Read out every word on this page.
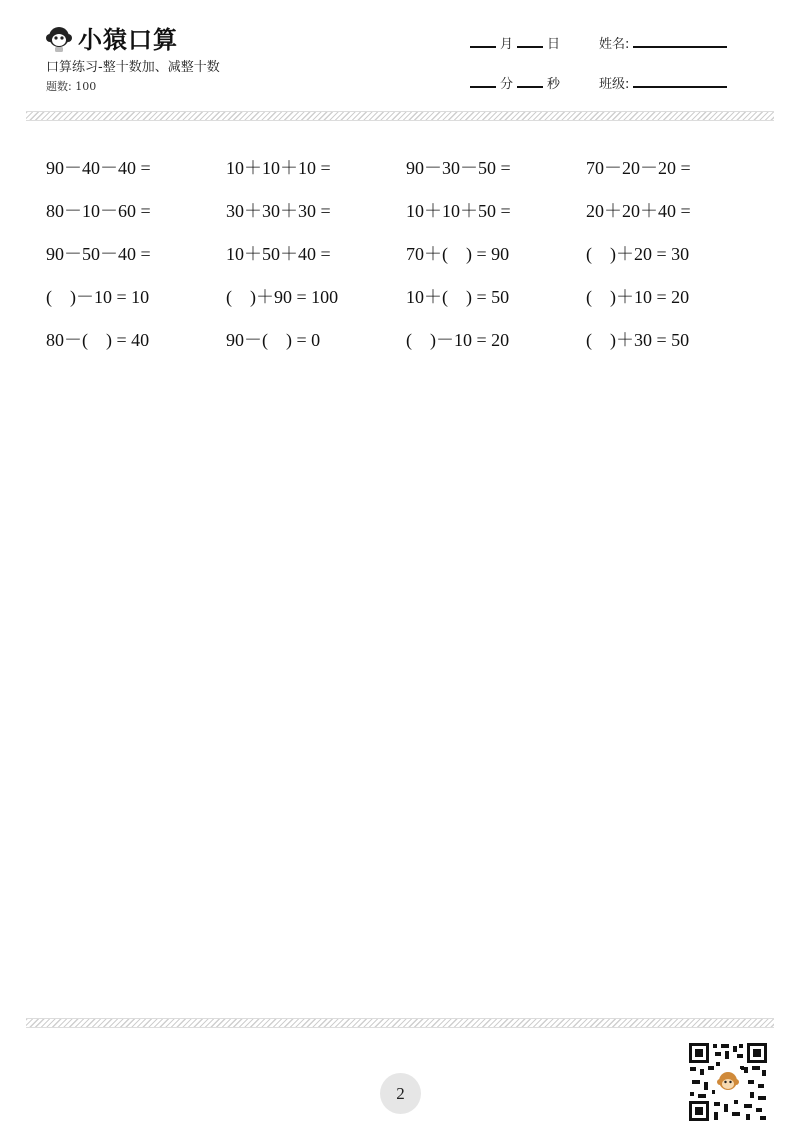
小猿口算
口算练习-整十数加、减整十数
题数: 100
月	日	姓名:
分	秒	班级:
90－40－40 =	10＋10＋10 =	90－30－50 =	70－20－20 =
80－10－60 =	30＋30＋30 =	10＋10＋50 =	20＋20＋40 =
90－50－40 =	10＋50＋40 =	70＋(    ) = 90	(    )＋20 = 30
(    )－10 = 10	(    )＋90 = 100	10＋(    ) = 50	(    )＋10 = 20
80－(    ) = 40	90－(    ) = 0	(    )－10 = 20	(    )＋30 = 50
2
